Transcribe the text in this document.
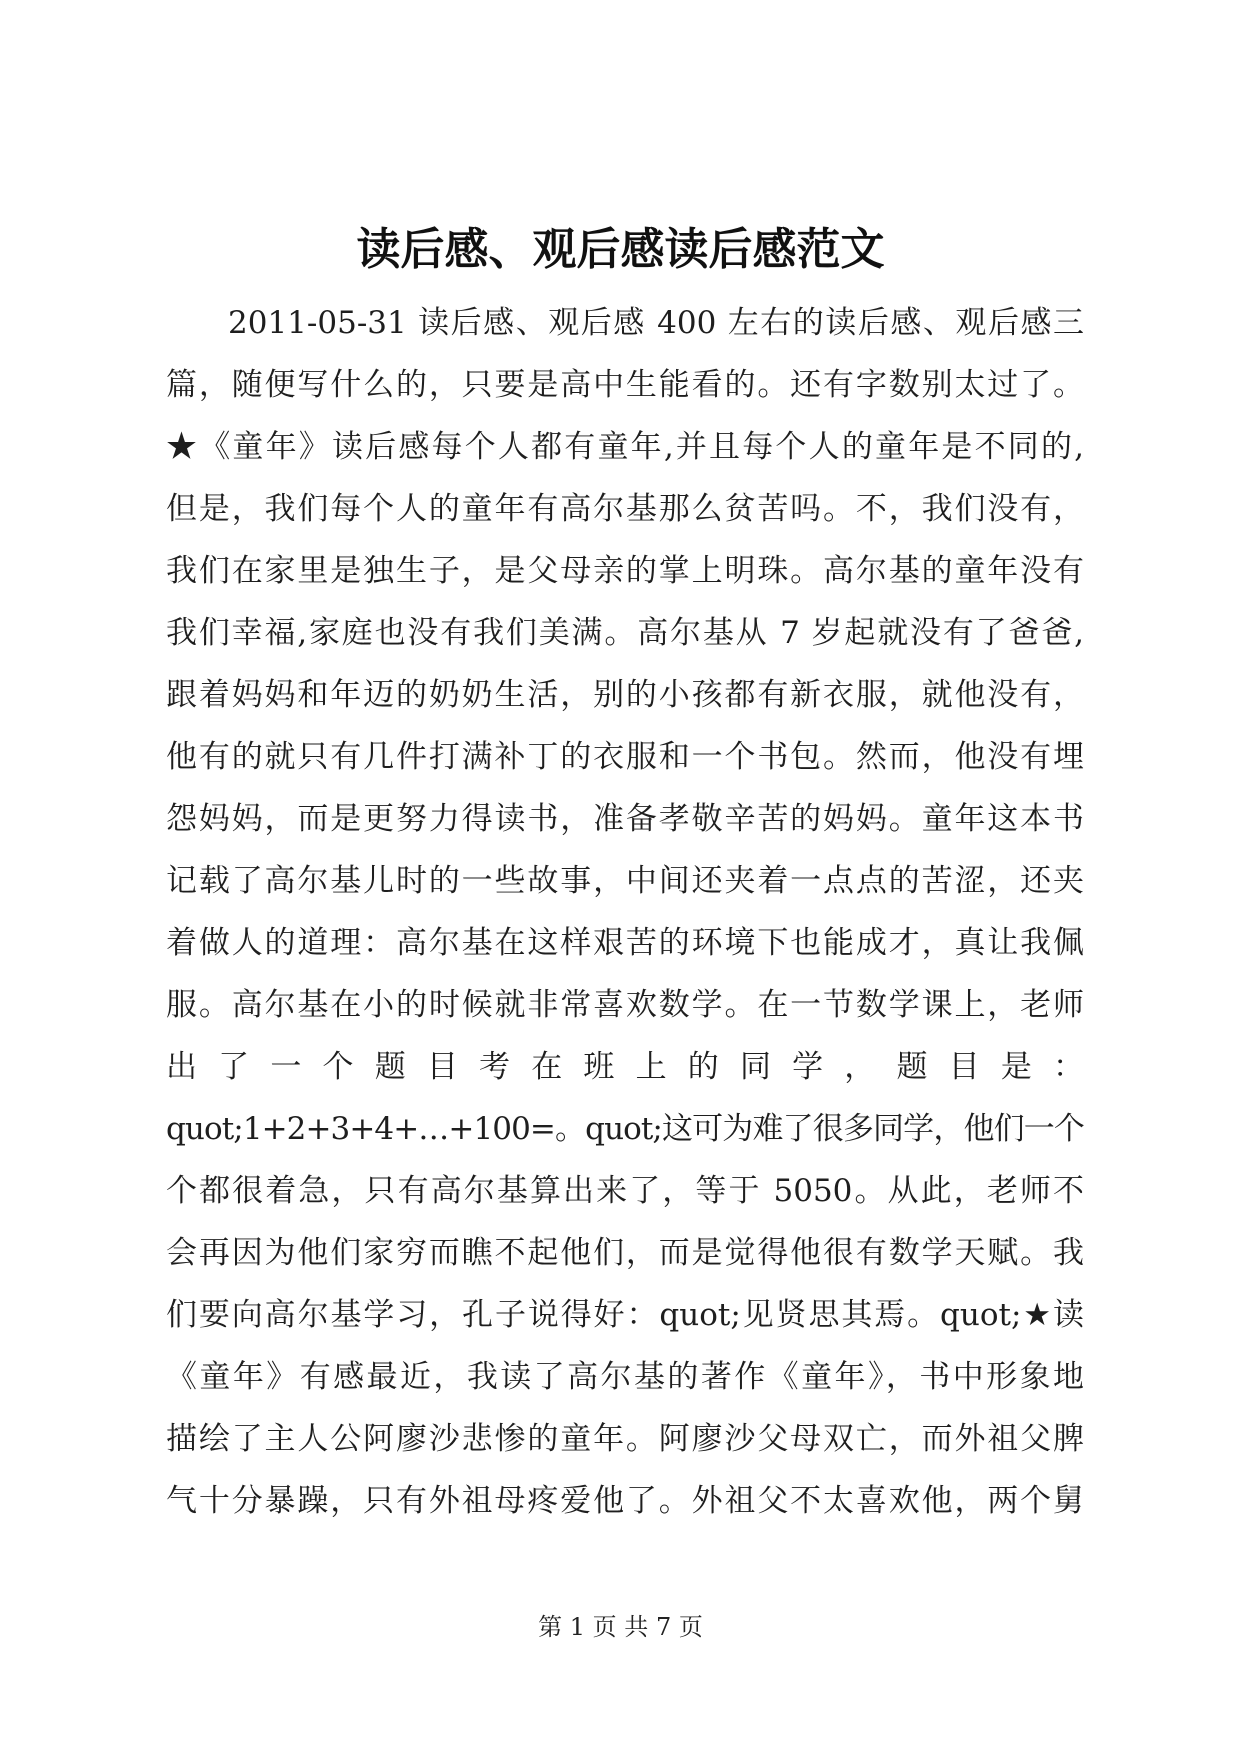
读后感、观后感读后感范文
2011-05-31 读后感、观后感 400 左右的读后感、观后感三
篇，随便写什么的，只要是高中生能看的。还有字数别太过了。
★《童年》读后感每个人都有童年,并且每个人的童年是不同的,
但是，我们每个人的童年有高尔基那么贫苦吗。不，我们没有，
我们在家里是独生子，是父母亲的掌上明珠。高尔基的童年没有
我们幸福,家庭也没有我们美满。高尔基从 7 岁起就没有了爸爸,
跟着妈妈和年迈的奶奶生活，别的小孩都有新衣服，就他没有，
他有的就只有几件打满补丁的衣服和一个书包。然而，他没有埋
怨妈妈，而是更努力得读书，准备孝敬辛苦的妈妈。童年这本书
记载了高尔基儿时的一些故事，中间还夹着一点点的苦涩，还夹
着做人的道理：高尔基在这样艰苦的环境下也能成才，真让我佩
服。高尔基在小的时候就非常喜欢数学。在一节数学课上，老师
出了一个题目考在班上的同学，题目是：
quot;1+2+3+4+…+100=。quot;这可为难了很多同学，他们一个
个都很着急，只有高尔基算出来了，等于 5050。从此，老师不
会再因为他们家穷而瞧不起他们，而是觉得他很有数学天赋。我
们要向高尔基学习，孔子说得好：quot;见贤思其焉。quot;★读
《童年》有感最近，我读了高尔基的著作《童年》，书中形象地
描绘了主人公阿廖沙悲惨的童年。阿廖沙父母双亡，而外祖父脾
气十分暴躁，只有外祖母疼爱他了。外祖父不太喜欢他，两个舅
第 1 页 共 7 页
